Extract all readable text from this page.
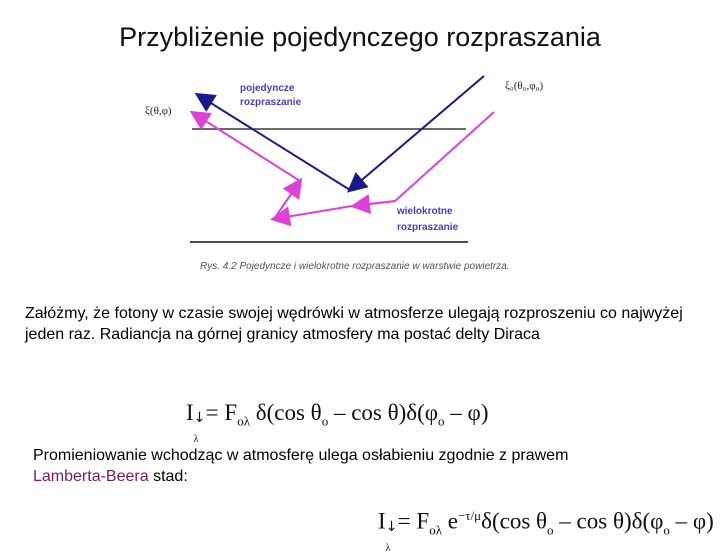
Przybliżenie pojedynczego rozpraszania
pojedyncze
rozpraszanie
wielokrotne
rozpraszanie
ξ(θ,φ)
ξ₀(θ₀,φ₀)
Rys. 4.2 Pojedyncze i wielokrotne rozpraszanie w warstwie powietrza.
Załóżmy, że fotony w czasie swojej wędrówki w atmosferze ulegają rozproszeniu co najwyżej jeden raz. Radiancja na górnej granicy atmosfery ma postać delty Diraca
I ↓
λ
= $F_{o\lambda}$ δ(cos $\theta_o$ – $\cos \theta)\delta(\varphi_o - \varphi)$
Promieniowanie wchodząc w atmosferę ulega osłabieniu zgodnie z prawem
Lamberta-Beera stad:
I ↓
λ
= $F_{o\lambda}$ $e^{-\tau/\mu}\delta(\cos$ $\theta_o$ – $\cos \theta)\delta(\varphi_o - \varphi)$
